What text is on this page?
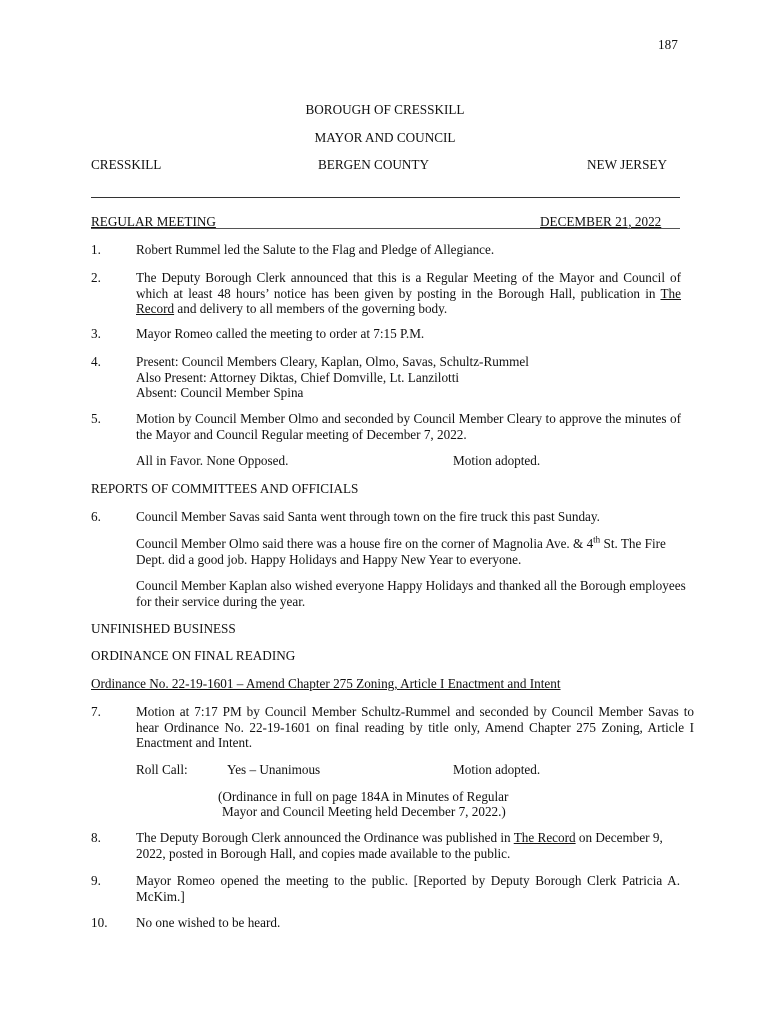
187
BOROUGH OF CRESSKILL
MAYOR AND COUNCIL
CRESSKILL	BERGEN COUNTY	NEW JERSEY
REGULAR MEETING	DECEMBER 21, 2022
1.	Robert Rummel led the Salute to the Flag and Pledge of Allegiance.
2.	The Deputy Borough Clerk announced that this is a Regular Meeting of the Mayor and Council of which at least 48 hours’ notice has been given by posting in the Borough Hall, publication in The Record and delivery to all members of the governing body.
3.	Mayor Romeo called the meeting to order at 7:15 P.M.
4.	Present: Council Members Cleary, Kaplan, Olmo, Savas, Schultz-Rummel
Also Present: Attorney Diktas, Chief Domville, Lt. Lanzilotti
Absent: Council Member Spina
5.	Motion by Council Member Olmo and seconded by Council Member Cleary to approve the minutes of the Mayor and Council Regular meeting of December 7, 2022.
All in Favor. None Opposed.	Motion adopted.
REPORTS OF COMMITTEES AND OFFICIALS
6.	Council Member Savas said Santa went through town on the fire truck this past Sunday.
Council Member Olmo said there was a house fire on the corner of Magnolia Ave. & 4th St. The Fire Dept. did a good job. Happy Holidays and Happy New Year to everyone.
Council Member Kaplan also wished everyone Happy Holidays and thanked all the Borough employees for their service during the year.
UNFINISHED BUSINESS
ORDINANCE ON FINAL READING
Ordinance No. 22-19-1601 – Amend Chapter 275 Zoning, Article I Enactment and Intent
7.	Motion at 7:17 PM by Council Member Schultz-Rummel and seconded by Council Member Savas to hear Ordinance No. 22-19-1601 on final reading by title only, Amend Chapter 275 Zoning, Article I Enactment and Intent.
Roll Call:	Yes – Unanimous	Motion adopted.
(Ordinance in full on page 184A in Minutes of Regular
Mayor and Council Meeting held December 7, 2022.)
8.	The Deputy Borough Clerk announced the Ordinance was published in The Record on December 9, 2022, posted in Borough Hall, and copies made available to the public.
9.	Mayor Romeo opened the meeting to the public. [Reported by Deputy Borough Clerk Patricia A. McKim.]
10. No one wished to be heard.
